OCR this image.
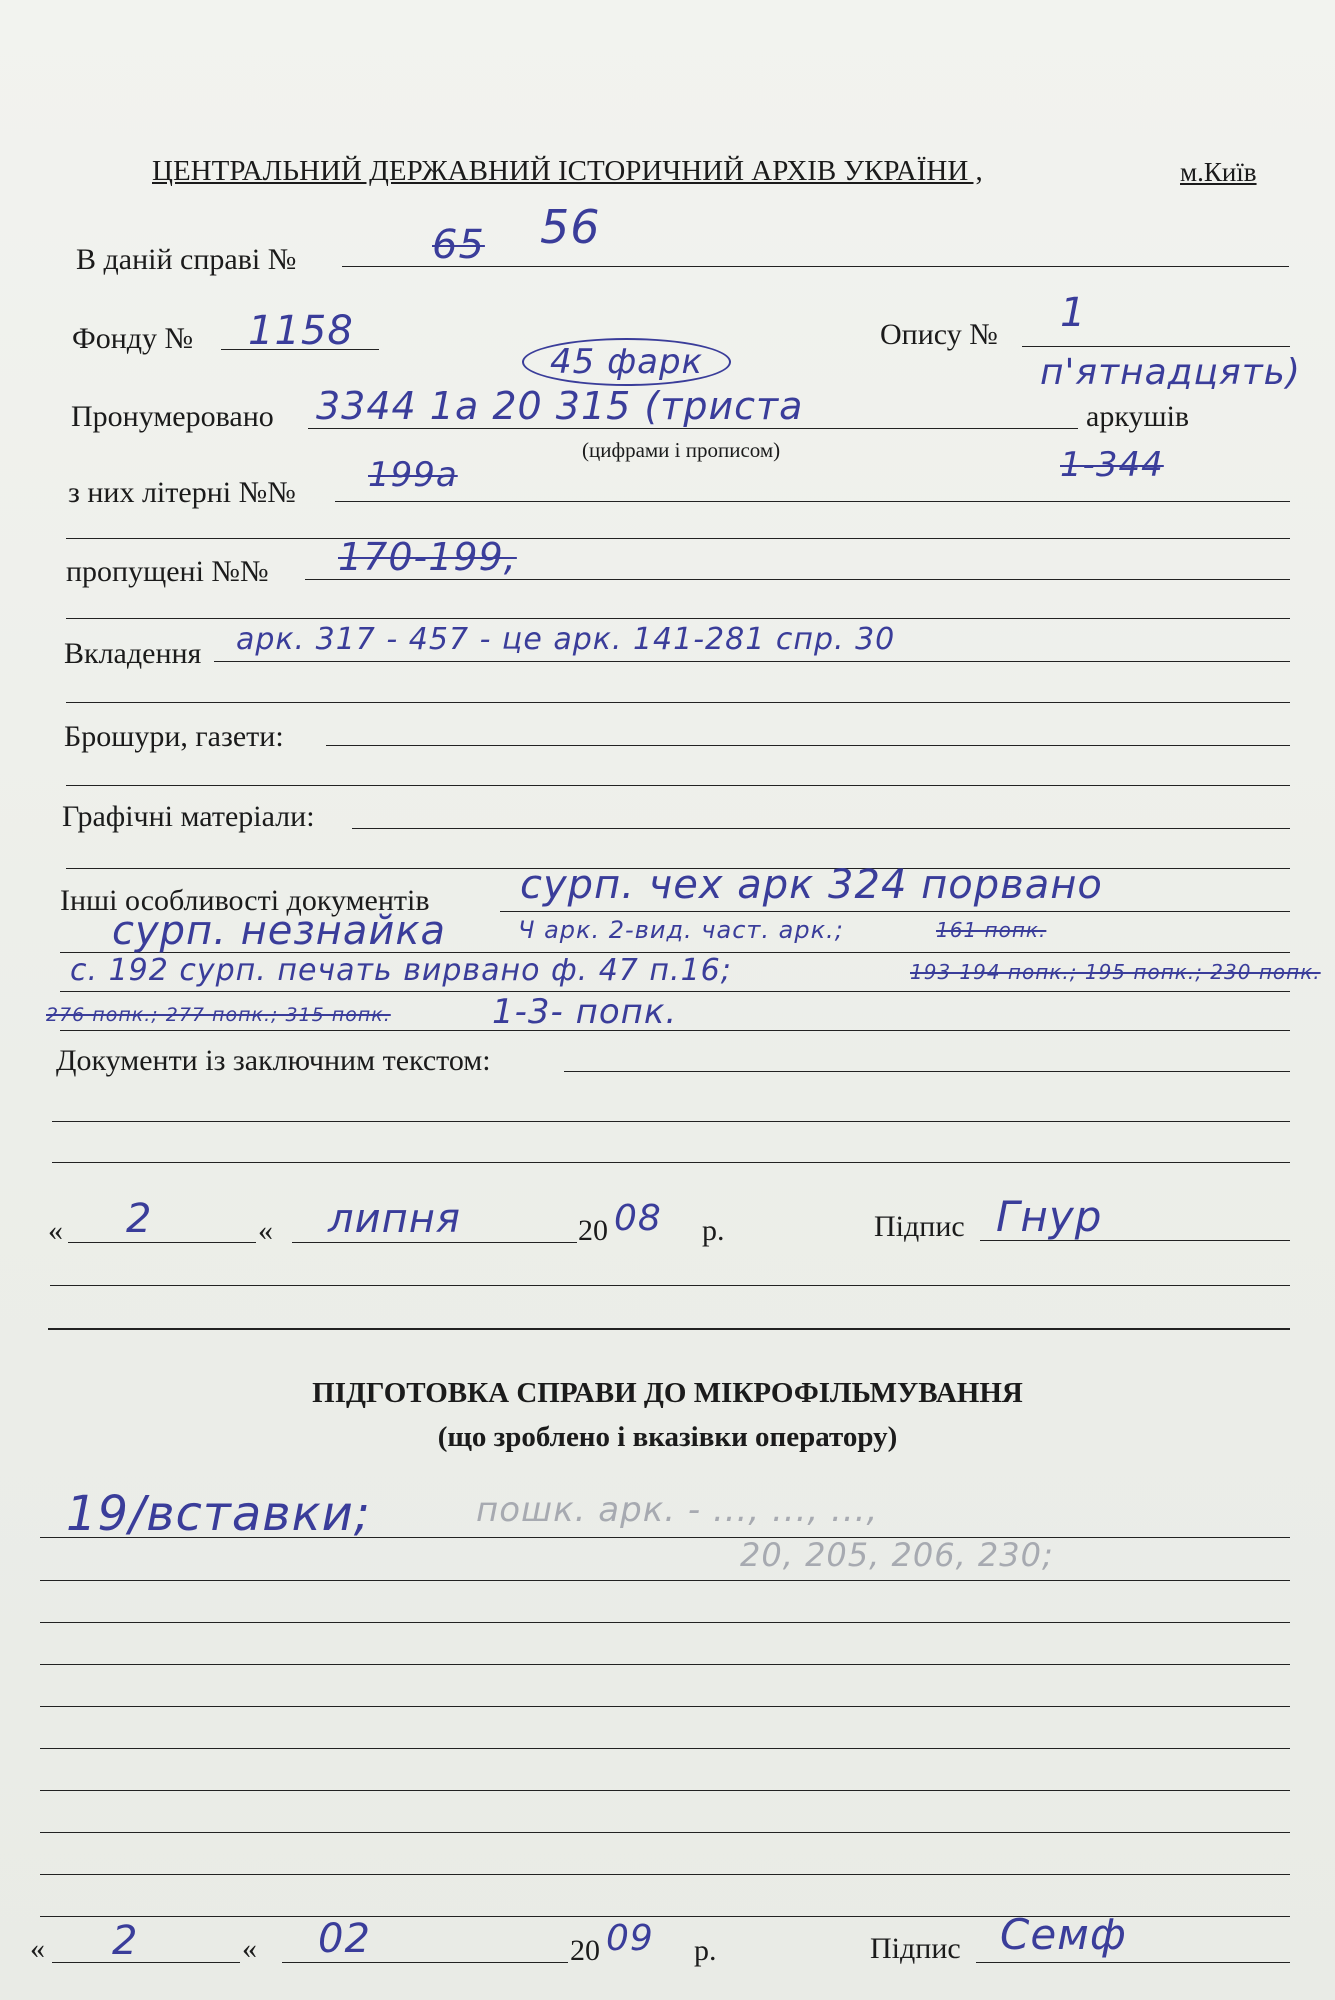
ЦЕНТРАЛЬНИЙ ДЕРЖАВНИЙ ІСТОРИЧНИЙ АРХІВ УКРАЇНИ ,	м.Київ
В даній справі №	65 56
Фонду № 1158	Опису № 1
45 фарк
Пронумеровано 3344 1а 20 315 (триста
п'ятнадцять)
аркушів
(цифрами і прописом)
з них літерні №№ 199а	1-344
пропущені №№ 170-199,
Вкладення арк. 317 - 457 - це арк. 141-281 спр. 30
Брошури, газети:
Графічні матеріали:
Інші особливості документів сурп. чех арк 324 порвано
сурп. незнайка	Ч арк. 2-вид. част. арк.;	161 попк.
с. 192 сурп. печать вирвано ф. 47 п.16;	193-194 попк.; 195 попк.; 230 попк.
276 попк.; 277 попк.; 315 попк.	1-3- попк.
Документи із заключним текстом:
« 2	« липня	20 08 р.	Підпис Гнур
ПІДГОТОВКА СПРАВИ ДО МІКРОФІЛЬМУВАННЯ
(що зроблено і вказівки оператору)
19/вставки;	пошк. арк. - ..., ..., ...,
20, 205, 206, 230;
« 2	« 02	20 09 р.	Підпис Семф
